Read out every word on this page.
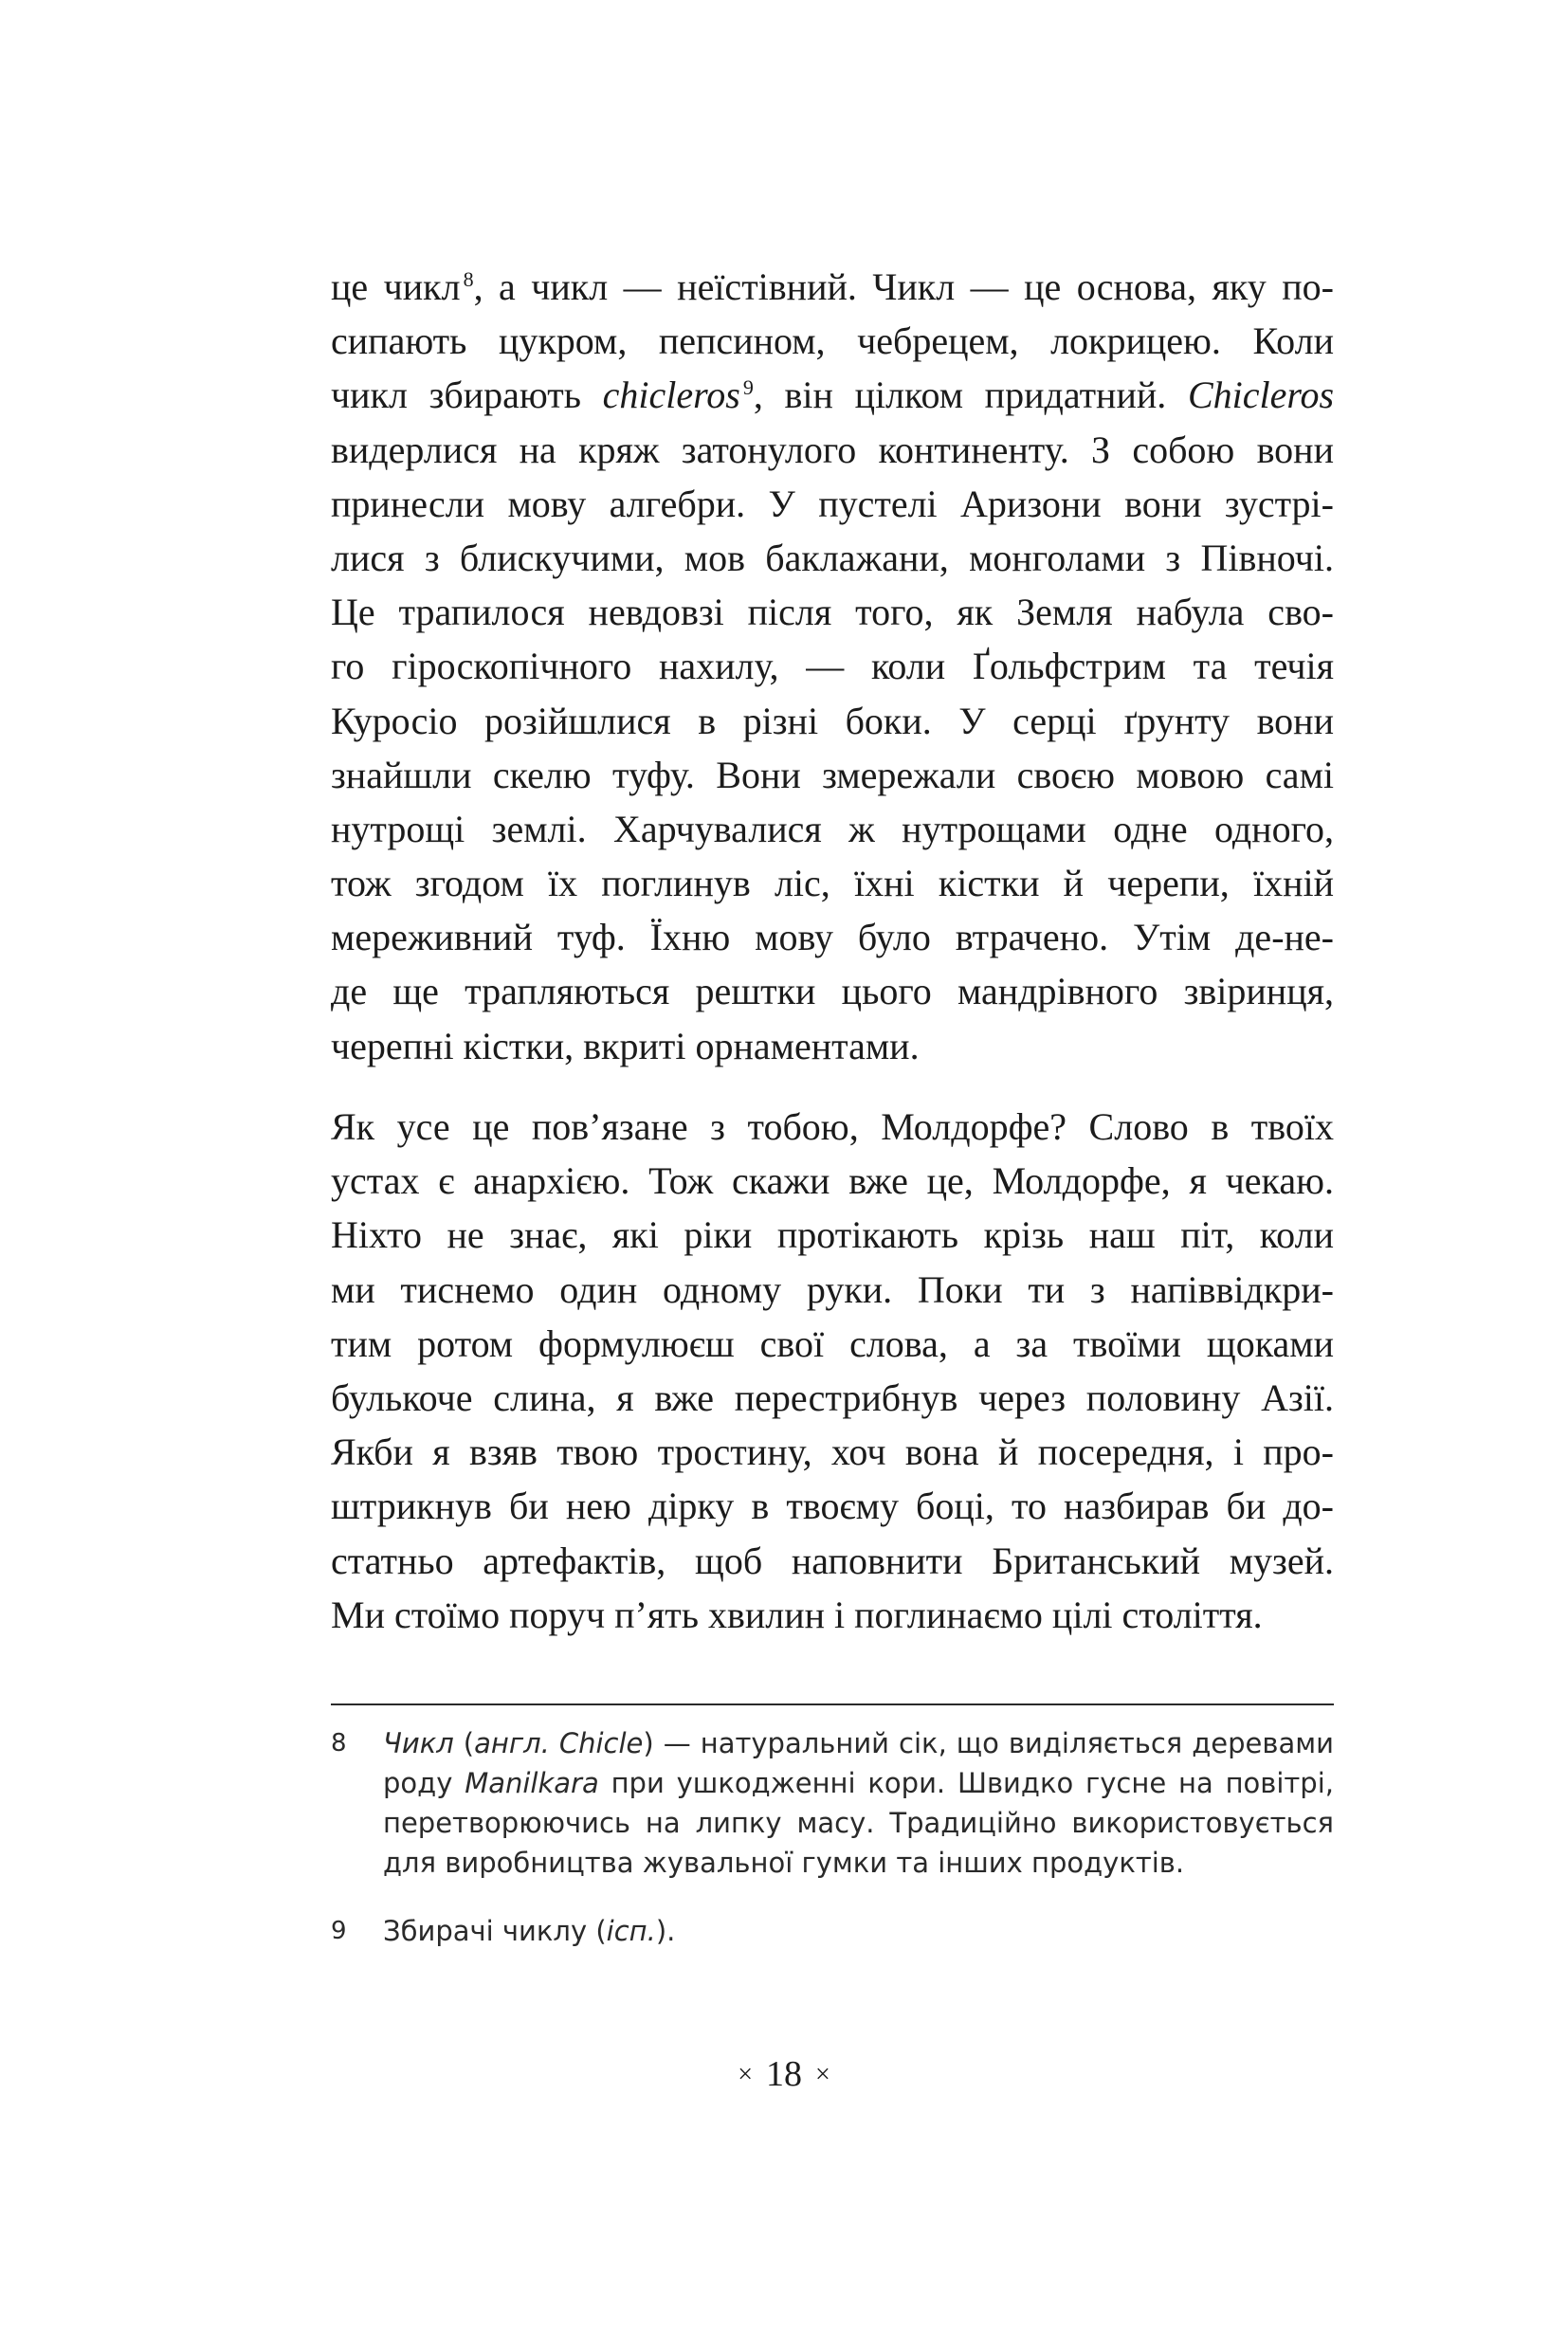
це чикл $^8$, а чикл — неїстівний. Чикл — це основа, яку по-
сипають цукром, пепсином, чебрецем, локрицею. Коли
чикл збирають chicleros $^9$, він цілком придатний. Chicleros
видерлися на кряж затонулого континенту. З собою вони
принесли мову алгебри. У пустелі Аризони вони зустрі-
лися з блискучими, мов баклажани, монголами з Півночі.
Це трапилося невдовзі після того, як Земля набула сво-
го гіроскопічного нахилу, — коли Ґольфстрим та течія
Куросіо розійшлися в різні боки. У серці ґрунту вони
знайшли скелю туфу. Вони змережали своєю мовою самі
нутрощі землі. Харчувалися ж нутрощами одне одного,
тож згодом їх поглинув ліс, їхні кістки й черепи, їхній
мереживний туф. Їхню мову було втрачено. Утім де-не-
де ще трапляються рештки цього мандрівного звіринця,
черепні кістки, вкриті орнаментами.
Як усе це пов’язане з тобою, Молдорфе? Слово в твоїх
устах є анархією. Тож скажи вже це, Молдорфе, я чекаю.
Ніхто не знає, які ріки протікають крізь наш піт, коли
ми тиснемо один одному руки. Поки ти з напіввідкри-
тим ротом формулюєш свої слова, а за твоїми щоками
булькоче слина, я вже перестрибнув через половину Азії.
Якби я взяв твою тростину, хоч вона й посередня, і про-
штрикнув би нею дірку в твоєму боці, то назбирав би до-
статньо артефактів, щоб наповнити Британський музей.
Ми стоїмо поруч п’ять хвилин і поглинаємо цілі століття.
8	Чикл (англ. Chicle) — натуральний сік, що виділяється деревами
роду Manilkara при ушкодженні кори. Швидко гусне на повітрі,
перетворюючись на липку масу. Традиційно використовується
для виробництва жувальної гумки та інших продуктів.
9	Збирачі чиклу (ісп.).
× 18 ×
